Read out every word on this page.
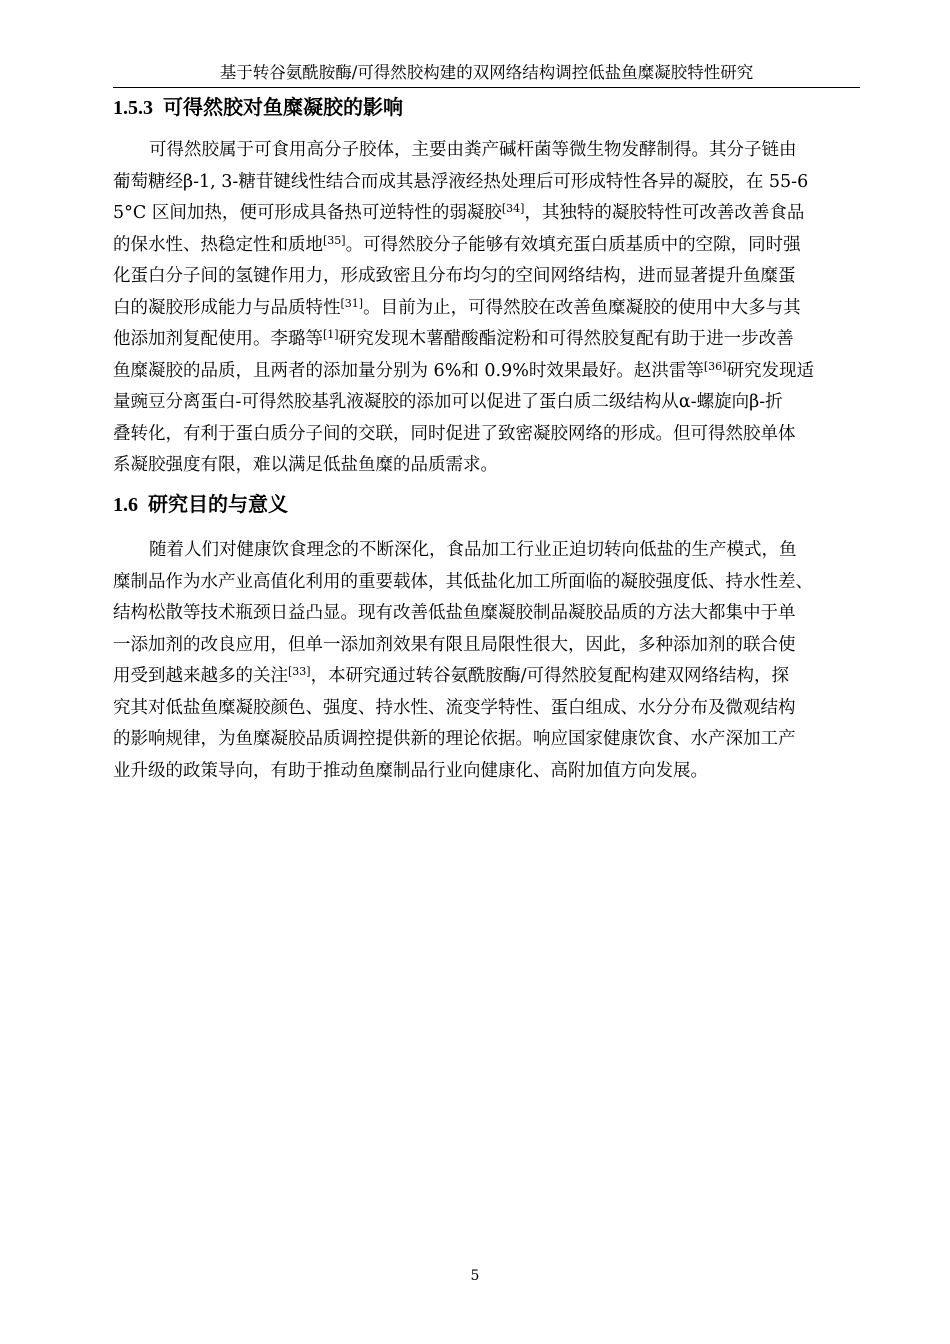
基于转谷氨酰胺酶/可得然胶构建的双网络结构调控低盐鱼糜凝胶特性研究
1.5.3 可得然胶对鱼糜凝胶的影响
可得然胶属于可食用高分子胶体，主要由粪产碱杆菌等微生物发酵制得。其分子链由
葡萄糖经β-1, 3-糖苷键线性结合而成其悬浮液经热处理后可形成特性各异的凝胶，在 55-6
5°C 区间加热，便可形成具备热可逆特性的弱凝胶[34]，其独特的凝胶特性可改善改善食品
的保水性、热稳定性和质地[35]。可得然胶分子能够有效填充蛋白质基质中的空隙，同时强
化蛋白分子间的氢键作用力，形成致密且分布均匀的空间网络结构，进而显著提升鱼糜蛋
白的凝胶形成能力与品质特性[31]。目前为止，可得然胶在改善鱼糜凝胶的使用中大多与其
他添加剂复配使用。李璐等[1]研究发现木薯醋酸酯淀粉和可得然胶复配有助于进一步改善
鱼糜凝胶的品质，且两者的添加量分别为 6%和 0.9%时效果最好。赵洪雷等[36]研究发现适
量豌豆分离蛋白-可得然胶基乳液凝胶的添加可以促进了蛋白质二级结构从α-螺旋向β-折
叠转化，有利于蛋白质分子间的交联，同时促进了致密凝胶网络的形成。但可得然胶单体
系凝胶强度有限，难以满足低盐鱼糜的品质需求。
1.6 研究目的与意义
随着人们对健康饮食理念的不断深化，食品加工行业正迫切转向低盐的生产模式，鱼
糜制品作为水产业高值化利用的重要载体，其低盐化加工所面临的凝胶强度低、持水性差、
结构松散等技术瓶颈日益凸显。现有改善低盐鱼糜凝胶制品凝胶品质的方法大都集中于单
一添加剂的改良应用，但单一添加剂效果有限且局限性很大，因此，多种添加剂的联合使
用受到越来越多的关注[33]，本研究通过转谷氨酰胺酶/可得然胶复配构建双网络结构，探
究其对低盐鱼糜凝胶颜色、强度、持水性、流变学特性、蛋白组成、水分分布及微观结构
的影响规律，为鱼糜凝胶品质调控提供新的理论依据。响应国家健康饮食、水产深加工产
业升级的政策导向，有助于推动鱼糜制品行业向健康化、高附加值方向发展。
5
